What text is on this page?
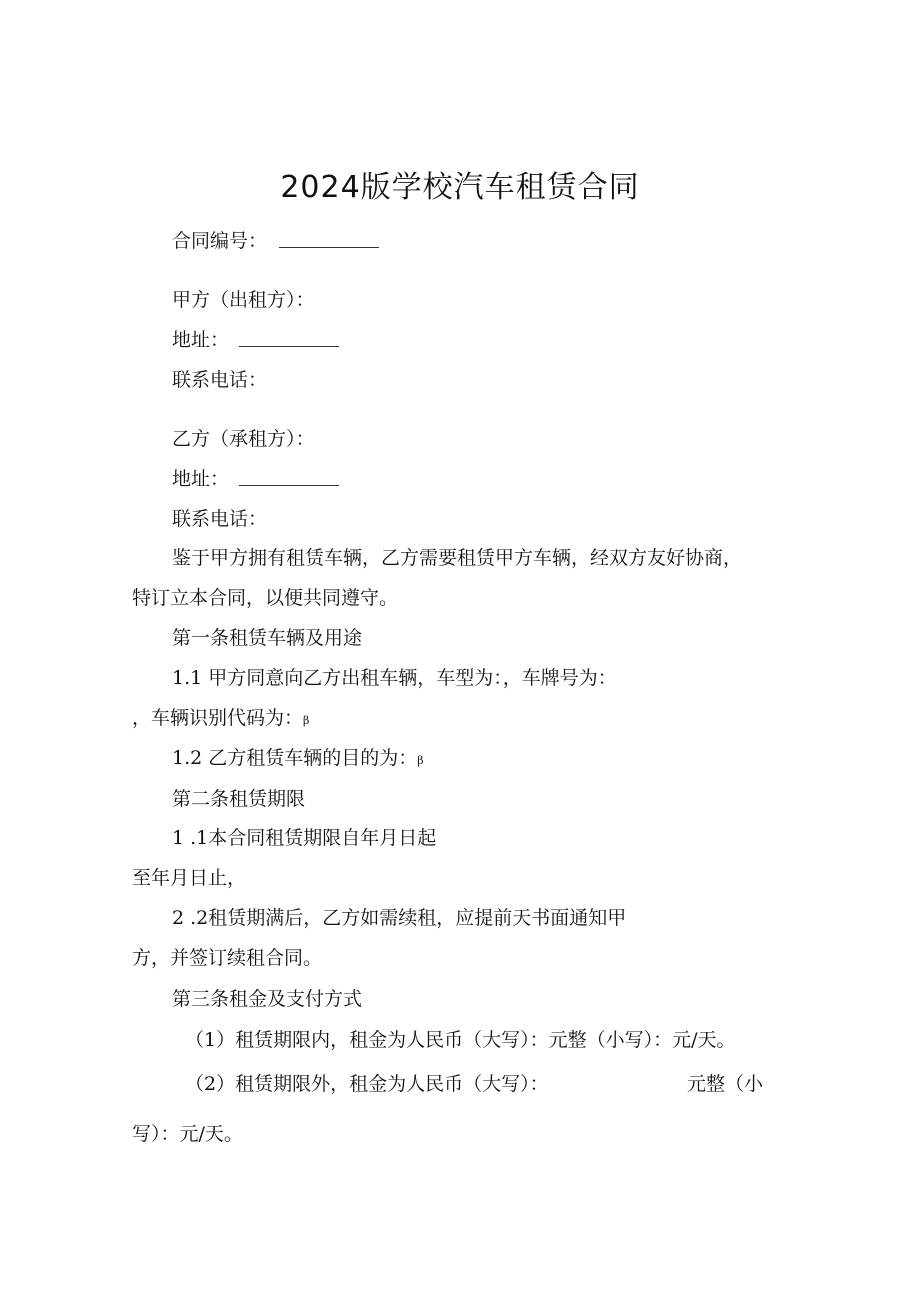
2024版学校汽车租赁合同
合同编号：
甲方（出租方）：
地址：
联系电话：
乙方（承租方）：
地址：
联系电话：
鉴于甲方拥有租赁车辆，乙方需要租赁甲方车辆，经双方友好协商，
特订立本合同，以便共同遵守。
第一条租赁车辆及用途
1.1 甲方同意向乙方出租车辆，车型为：，车牌号为：
，车辆识别代码为：β
1.2 乙方租赁车辆的目的为：β
第二条租赁期限
1 .1本合同租赁期限自年月日起
至年月日止，
2 .2租赁期满后，乙方如需续租，应提前天书面通知甲
方，并签订续租合同。
第三条租金及支付方式
（1）租赁期限内，租金为人民币（大写）：元整（小写）：元/天。
（2）租赁期限外，租金为人民币（大写）：	元整（小
写）：元/天。
